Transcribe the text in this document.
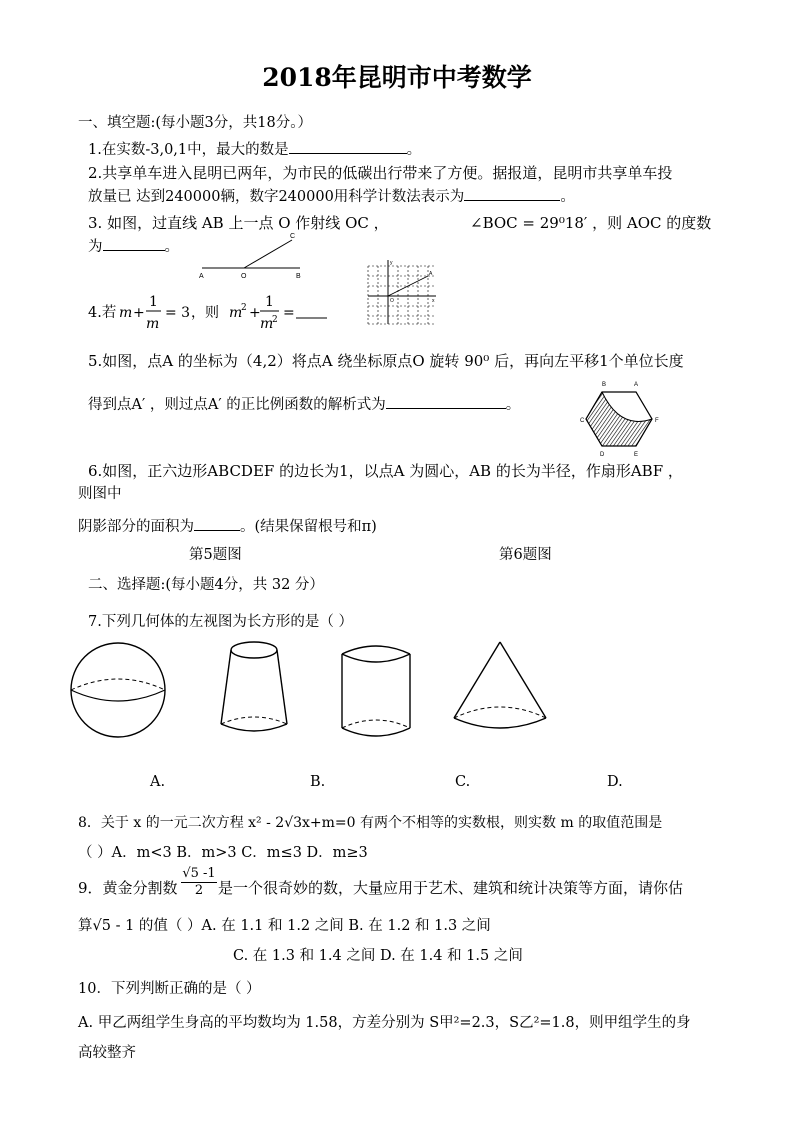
2018年昆明市中考数学
一、填空题:(每小题3分，共18分。）
1.在实数-3,0,1中，最大的数是	。
2.共享单车进入昆明已两年，为市民的低碳出行带来了方便。据报道，昆明市共享单车投
放量已 达到240000辆，数字240000用科学计数法表示为	。
3. 如图，过直线 AB 上一点 O 作射线 OC ，	∠BOC = 29⁰18′ ，则 AOC 的度数
为	。
A	O	B
C
y
A
O	x
4.若 m +
1
m
= 3 ，则 m
2 +
1
m
2 =
5.如图，点A 的坐标为（4,2）将点A 绕坐标原点O 旋转 90⁰ 后，再向左平移1个单位长度
得到点A′ ，则过点A′ 的正比例函数的解析式为	。
B	A
C	F
D	E
6.如图，正六边形ABCDEF 的边长为1，以点A 为圆心，AB 的长为半径，作扇形ABF ，
则图中
阴影部分的面积为	。(结果保留根号和π)
第5题图	第6题图
二、选择题:(每小题4分，共 32 分）
7.下列几何体的左视图为长方形的是（ ）
A.	B.	C.	D.
8．关于 x 的一元二次方程 x² - 2√3x+m=0 有两个不相等的实数根，则实数 m 的取值范围是
（ ）A．m<3 B．m>3 C．m≤3 D．m≥3
9．黄金分割数 $\frac{√5 -1}{2}$ 是一个很奇妙的数，大量应用于艺术、建筑和统计决策等方面，请你估
算√5 - 1 的值（ ）A. 在 1.1 和 1.2 之间 B. 在 1.2 和 1.3 之间
C. 在 1.3 和 1.4 之间 D. 在 1.4 和 1.5 之间
10．下列判断正确的是（ ）
A. 甲乙两组学生身高的平均数均为 1.58，方差分别为 S甲²=2.3，S乙²=1.8，则甲组学生的身
高较整齐
